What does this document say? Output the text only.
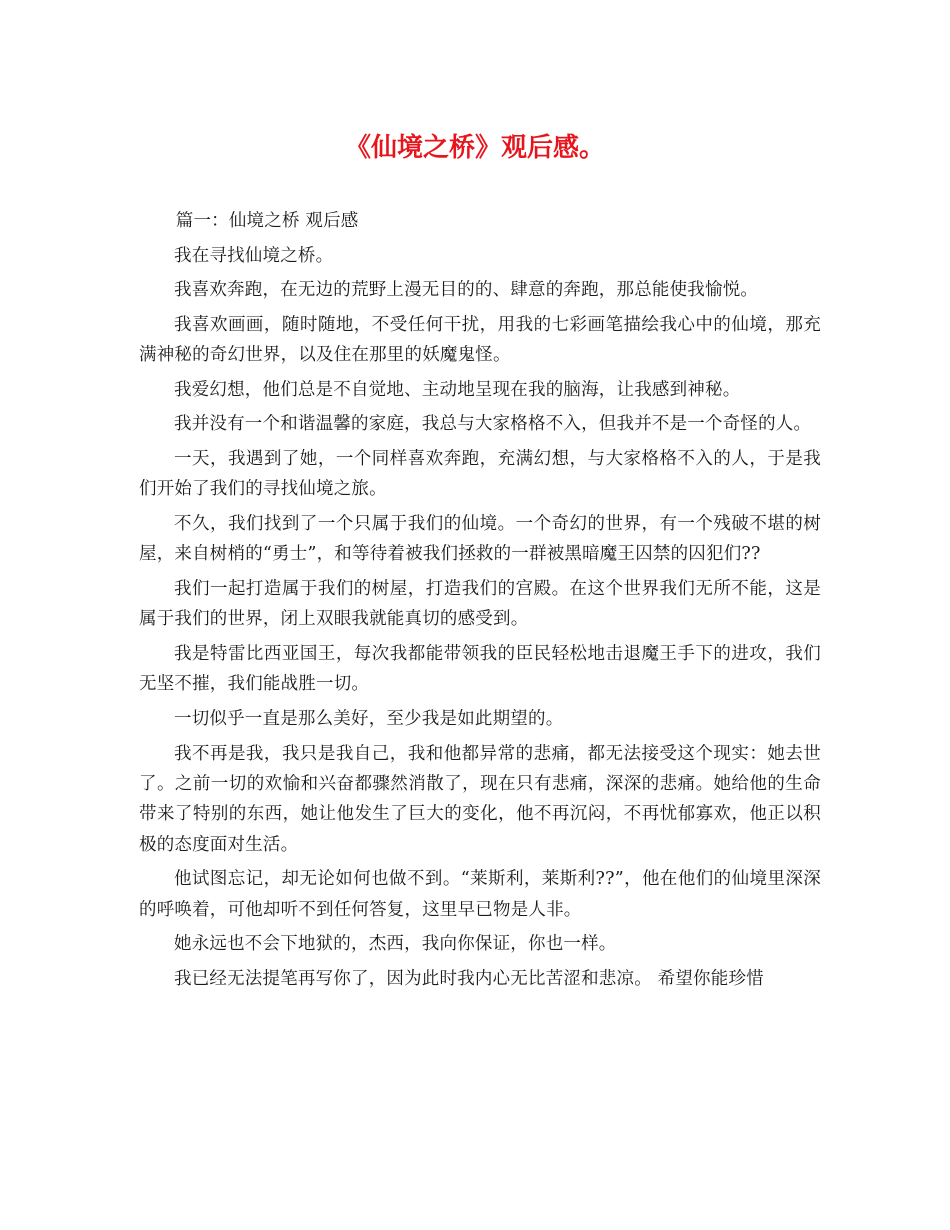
《仙境之桥》观后感。

篇一：仙境之桥 观后感

我在寻找仙境之桥。

我喜欢奔跑，在无边的荒野上漫无目的的、肆意的奔跑，那总能使我愉悦。

我喜欢画画，随时随地，不受任何干扰，用我的七彩画笔描绘我心中的仙境，那充满神秘的奇幻世界，以及住在那里的妖魔鬼怪。

我爱幻想，他们总是不自觉地、主动地呈现在我的脑海，让我感到神秘。

我并没有一个和谐温馨的家庭，我总与大家格格不入，但我并不是一个奇怪的人。

一天，我遇到了她，一个同样喜欢奔跑，充满幻想，与大家格格不入的人，于是我们开始了我们的寻找仙境之旅。

不久，我们找到了一个只属于我们的仙境。一个奇幻的世界，有一个残破不堪的树屋，来自树梢的“勇士”，和等待着被我们拯救的一群被黑暗魔王囚禁的囚犯们??

我们一起打造属于我们的树屋，打造我们的宫殿。在这个世界我们无所不能，这是属于我们的世界，闭上双眼我就能真切的感受到。

我是特雷比西亚国王，每次我都能带领我的臣民轻松地击退魔王手下的进攻，我们无坚不摧，我们能战胜一切。

一切似乎一直是那么美好，至少我是如此期望的。

我不再是我，我只是我自己，我和他都异常的悲痛，都无法接受这个现实：她去世了。之前一切的欢愉和兴奋都骤然消散了，现在只有悲痛，深深的悲痛。她给他的生命带来了特别的东西，她让他发生了巨大的变化，他不再沉闷，不再忧郁寡欢，他正以积极的态度面对生活。

他试图忘记，却无论如何也做不到。“莱斯利，莱斯利??”，他在他们的仙境里深深的呼唤着，可他却听不到任何答复，这里早已物是人非。

她永远也不会下地狱的，杰西，我向你保证，你也一样。

我已经无法提笔再写你了，因为此时我内心无比苦涩和悲凉。 希望你能珍惜
